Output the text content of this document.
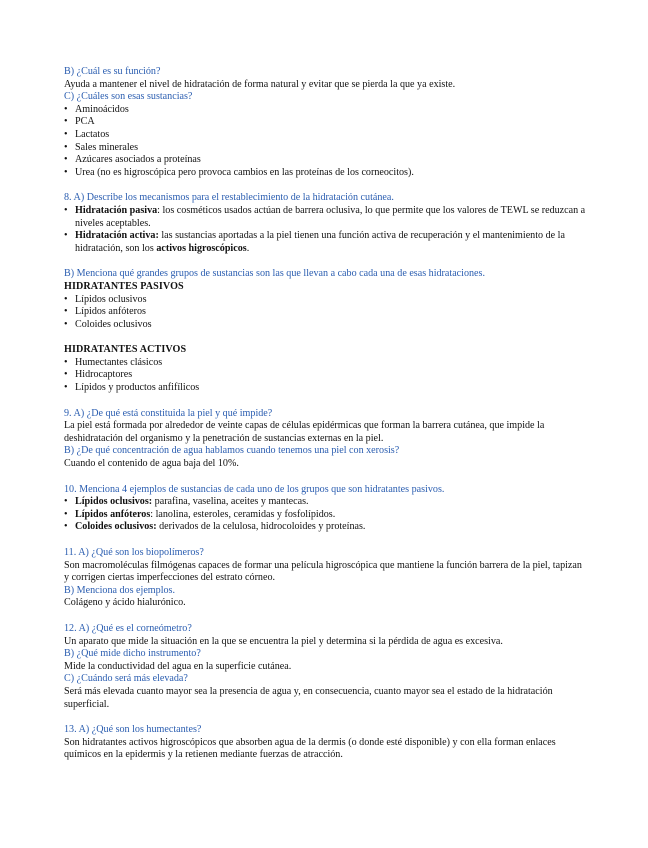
B) ¿Cuál es su función?

Ayuda a mantener el nivel de hidratación de forma natural y evitar que se pierda la que ya existe.

C) ¿Cuáles son esas sustancias?

• Aminoácidos
• PCA
• Lactatos
• Sales minerales
• Azúcares asociados a proteínas
• Urea (no es higroscópica pero provoca cambios en las proteínas de los corneocitos).

8. A) Describe los mecanismos para el restablecimiento de la hidratación cutánea.

• Hidratación pasiva: los cosméticos usados actúan de barrera oclusiva, lo que permite que los valores de TEWL se reduzcan a niveles aceptables.
• Hidratación activa: las sustancias aportadas a la piel tienen una función activa de recuperación y el mantenimiento de la hidratación, son los activos higroscópicos.

B) Menciona qué grandes grupos de sustancias son las que llevan a cabo cada una de esas hidrataciones.

HIDRATANTES PASIVOS

• Lípidos oclusivos
• Lípidos anfóteros
• Coloides oclusivos

HIDRATANTES ACTIVOS

• Humectantes clásicos
• Hidrocaptores
• Lípidos y productos anfifílicos

9. A) ¿De qué está constituida la piel y qué impide?

La piel está formada por alrededor de veinte capas de células epidérmicas que forman la barrera cutánea, que impide la deshidratación del organismo y la penetración de sustancias externas en la piel.

B) ¿De qué concentración de agua hablamos cuando tenemos una piel con xerosis?

Cuando el contenido de agua baja del 10%.

10. Menciona 4 ejemplos de sustancias de cada uno de los grupos que son hidratantes pasivos.

• Lípidos oclusivos: parafina, vaselina, aceites y mantecas.
• Lípidos anfóteros: lanolina, esteroles, ceramidas y fosfolípidos.
• Coloides oclusivos: derivados de la celulosa, hidrocoloides y proteínas.

11. A) ¿Qué son los biopolímeros?

Son macromoléculas filmógenas capaces de formar una película higroscópica que mantiene la función barrera de la piel, tapizan y corrigen ciertas imperfecciones del estrato córneo.

B) Menciona dos ejemplos.

Colágeno y ácido hialurónico.

12. A) ¿Qué es el corneómetro?

Un aparato que mide la situación en la que se encuentra la piel y determina si la pérdida de agua es excesiva.

B) ¿Qué mide dicho instrumento?

Mide la conductividad del agua en la superficie cutánea.

C) ¿Cuándo será más elevada?

Será más elevada cuanto mayor sea la presencia de agua y, en consecuencia, cuanto mayor sea el estado de la hidratación superficial.

13. A) ¿Qué son los humectantes?

Son hidratantes activos higroscópicos que absorben agua de la dermis (o donde esté disponible) y con ella forman enlaces químicos en la epidermis y la retienen mediante fuerzas de atracción.
